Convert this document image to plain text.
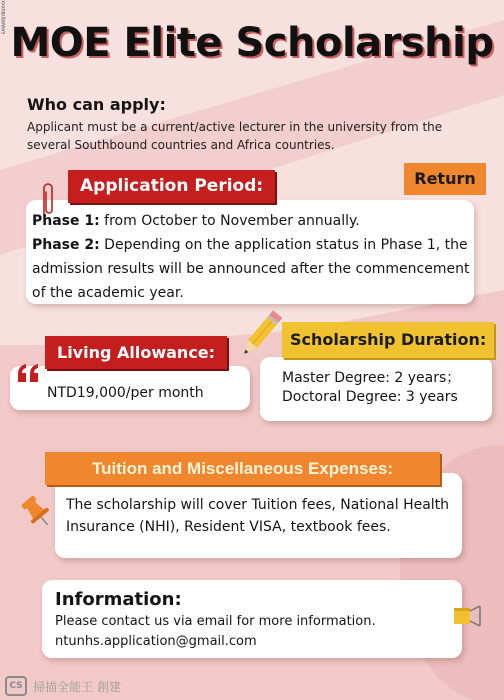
EAYA0KIJYBUXXX
MOE Elite Scholarship
Who can apply:
Applicant must be a current/active lecturer in the university from the several Southbound countries and Africa countries.
Application Period:	Return
Phase 1: from October to November annually.
Phase 2: Depending on the application status in Phase 1, the admission results will be announced after the commencement of the academic year.
Living Allowance:
NTD19,000/per month
Scholarship Duration:
Master Degree: 2 years；
Doctoral Degree: 3 years
Tuition and Miscellaneous Expenses:
The scholarship will cover Tuition fees, National Health Insurance (NHI), Resident VISA, textbook fees.
Information:
Please contact us via email for more information.
ntunhs.application@gmail.com
CS 掃描全能王 創建
